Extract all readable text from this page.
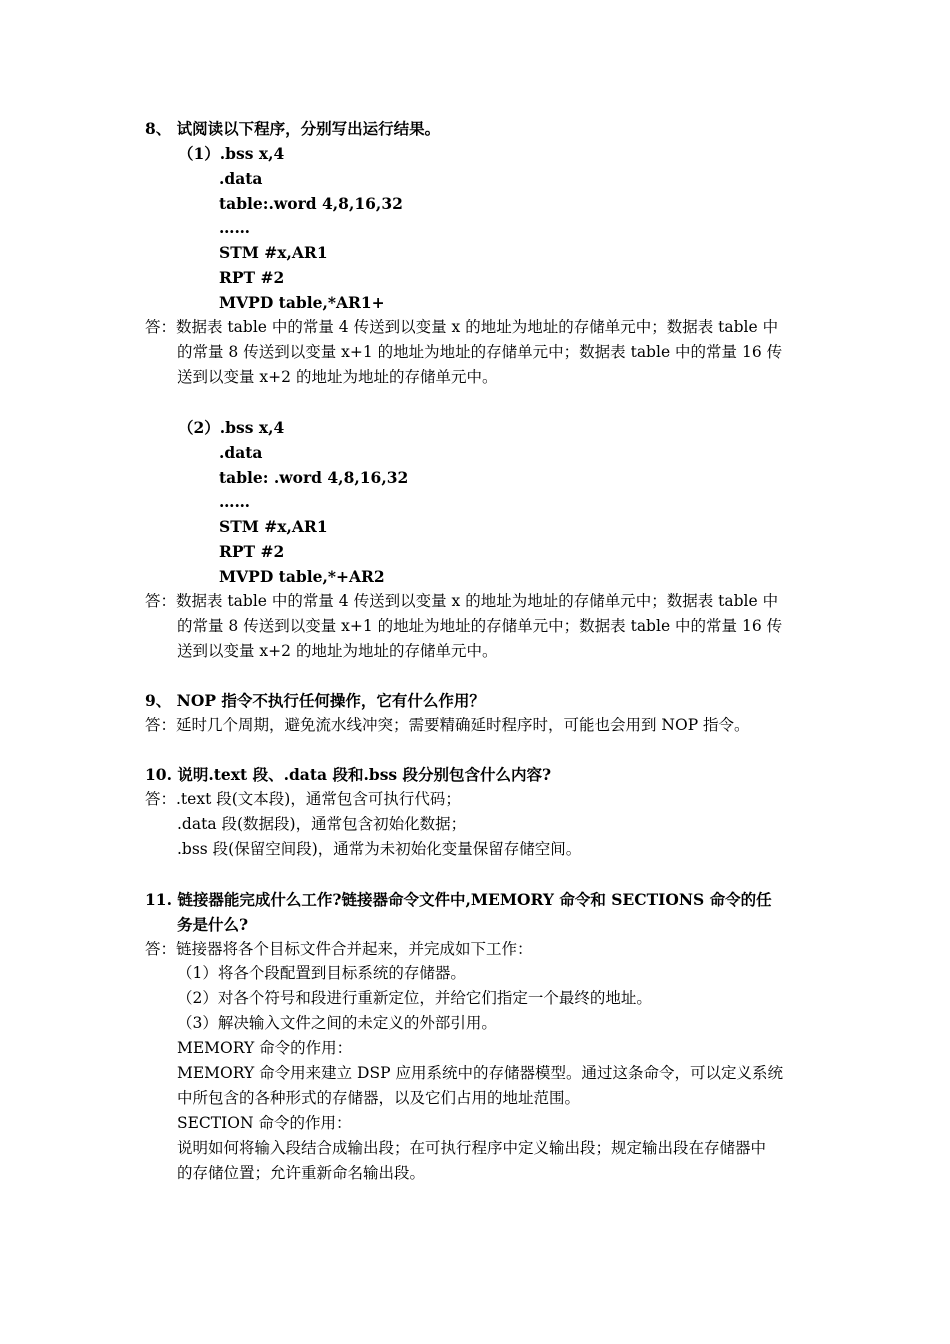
8、 试阅读以下程序，分别写出运行结果。
（1）.bss x,4
.data
table:.word 4,8,16,32
……
STM #x,AR1
RPT #2
MVPD table,*AR1+
答：数据表 table 中的常量 4 传送到以变量 x 的地址为地址的存储单元中；数据表 table 中
的常量 8 传送到以变量 x+1 的地址为地址的存储单元中；数据表 table 中的常量 16 传
送到以变量 x+2 的地址为地址的存储单元中。
（2）.bss x,4
.data
table: .word 4,8,16,32
……
STM #x,AR1
RPT #2
MVPD table,*+AR2
答：数据表 table 中的常量 4 传送到以变量 x 的地址为地址的存储单元中；数据表 table 中
的常量 8 传送到以变量 x+1 的地址为地址的存储单元中；数据表 table 中的常量 16 传
送到以变量 x+2 的地址为地址的存储单元中。
9、 NOP 指令不执行任何操作，它有什么作用？
答：延时几个周期，避免流水线冲突；需要精确延时程序时，可能也会用到 NOP 指令。
10. 说明.text 段、.data 段和.bss 段分别包含什么内容?
答：.text 段(文本段)，通常包含可执行代码；
.data 段(数据段)，通常包含初始化数据；
.bss 段(保留空间段)，通常为未初始化变量保留存储空间。
11. 链接器能完成什么工作?链接器命令文件中,MEMORY 命令和 SECTIONS 命令的任
务是什么?
答：链接器将各个目标文件合并起来，并完成如下工作：
（1）将各个段配置到目标系统的存储器。
（2）对各个符号和段进行重新定位，并给它们指定一个最终的地址。
（3）解决输入文件之间的未定义的外部引用。
MEMORY 命令的作用：
MEMORY 命令用来建立 DSP 应用系统中的存储器模型。通过这条命令，可以定义系统
中所包含的各种形式的存储器，以及它们占用的地址范围。
SECTION 命令的作用：
说明如何将输入段结合成输出段；在可执行程序中定义输出段；规定输出段在存储器中
的存储位置；允许重新命名输出段。
